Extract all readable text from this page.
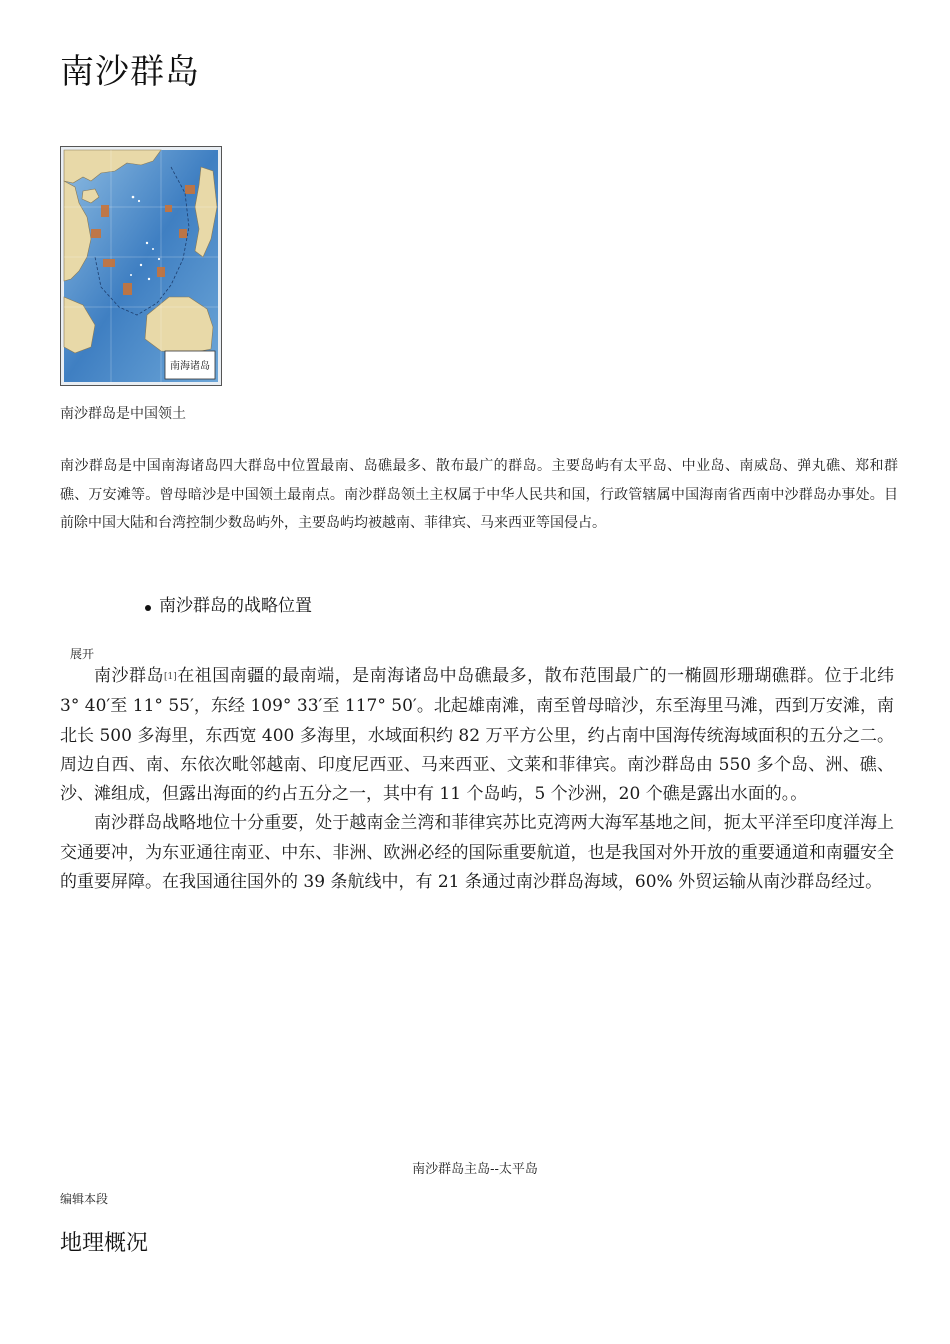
南沙群岛
南海诸岛
南沙群岛是中国领土
南沙群岛是中国南海诸岛四大群岛中位置最南、岛礁最多、散布最广的群岛。主要岛屿有太平岛、中业岛、南威岛、弹丸礁、郑和群礁、万安滩等。曾母暗沙是中国领土最南点。南沙群岛领土主权属于中华人民共和国，行政管辖属中国海南省西南中沙群岛办事处。目前除中国大陆和台湾控制少数岛屿外，主要岛屿均被越南、菲律宾、马来西亚等国侵占。
南沙群岛的战略位置
展开

南沙群岛[1]在祖国南疆的最南端，是南海诸岛中岛礁最多，散布范围最广的一椭圆形珊瑚礁群。位于北纬 3° 40′至 11° 55′，东经 109° 33′至 117° 50′。北起雄南滩，南至曾母暗沙，东至海里马滩，西到万安滩，南北长 500 多海里，东西宽 400 多海里，水域面积约 82 万平方公里，约占南中国海传统海域面积的五分之二。周边自西、南、东依次毗邻越南、印度尼西亚、马来西亚、文莱和菲律宾。南沙群岛由 550 多个岛、洲、礁、沙、滩组成，但露出海面的约占五分之一，其中有 11 个岛屿，5 个沙洲，20 个礁是露出水面的。。

南沙群岛战略地位十分重要，处于越南金兰湾和菲律宾苏比克湾两大海军基地之间，扼太平洋至印度洋海上交通要冲，为东亚通往南亚、中东、非洲、欧洲必经的国际重要航道，也是我国对外开放的重要通道和南疆安全的重要屏障。在我国通往国外的 39 条航线中，有 21 条通过南沙群岛海域，60% 外贸运输从南沙群岛经过。

南沙群岛主岛--太平岛
编辑本段
地理概况
